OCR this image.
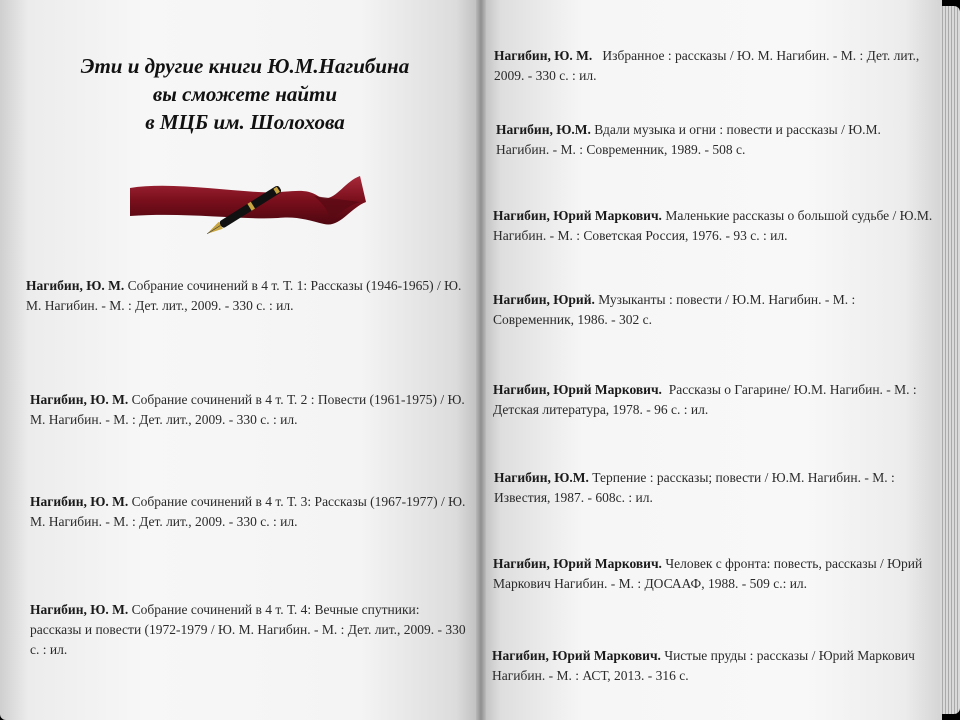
Эти и другие книги Ю.М.Нагибина
вы сможете найти
в МЦБ им. Шолохова
Нагибин, Ю. М. Собрание сочинений в 4 т. Т. 1: Рассказы (1946-1965) / Ю. М. Нагибин. - М. : Дет. лит., 2009. - 330 с. : ил.
Нагибин, Ю. М. Собрание сочинений в 4 т. Т. 2 : Повести (1961-1975) / Ю. М. Нагибин. - М. : Дет. лит., 2009. - 330 с. : ил.
Нагибин, Ю. М. Собрание сочинений в 4 т. Т. 3: Рассказы (1967-1977) / Ю. М. Нагибин. - М. : Дет. лит., 2009. - 330 с. : ил.
Нагибин, Ю. М. Собрание сочинений в 4 т. Т. 4: Вечные спутники: рассказы и повести (1972-1979 / Ю. М. Нагибин. - М. : Дет. лит., 2009. - 330 с. : ил.
Нагибин, Ю. М.   Избранное : рассказы / Ю. М. Нагибин. - М. : Дет. лит., 2009. - 330 с. : ил.
Нагибин, Ю.М. Вдали музыка и огни : повести и рассказы / Ю.М. Нагибин. - М. : Современник, 1989. - 508 с.
Нагибин, Юрий Маркович. Маленькие рассказы о большой судьбе / Ю.М. Нагибин. - М. : Советская Россия, 1976. - 93 с. : ил.
Нагибин, Юрий. Музыканты : повести / Ю.М. Нагибин. - М. : Современник, 1986. - 302 с.
Нагибин, Юрий Маркович.  Рассказы о Гагарине/ Ю.М. Нагибин. - М. : Детская литература, 1978. - 96 с. : ил.
Нагибин, Ю.М. Терпение : рассказы; повести / Ю.М. Нагибин. - М. : Известия, 1987. - 608с. : ил.
Нагибин, Юрий Маркович. Человек с фронта: повесть, рассказы / Юрий Маркович Нагибин. - М. : ДОСААФ, 1988. - 509 с.: ил.
Нагибин, Юрий Маркович. Чистые пруды : рассказы / Юрий Маркович Нагибин. - М. : АСТ, 2013. - 316 с.
